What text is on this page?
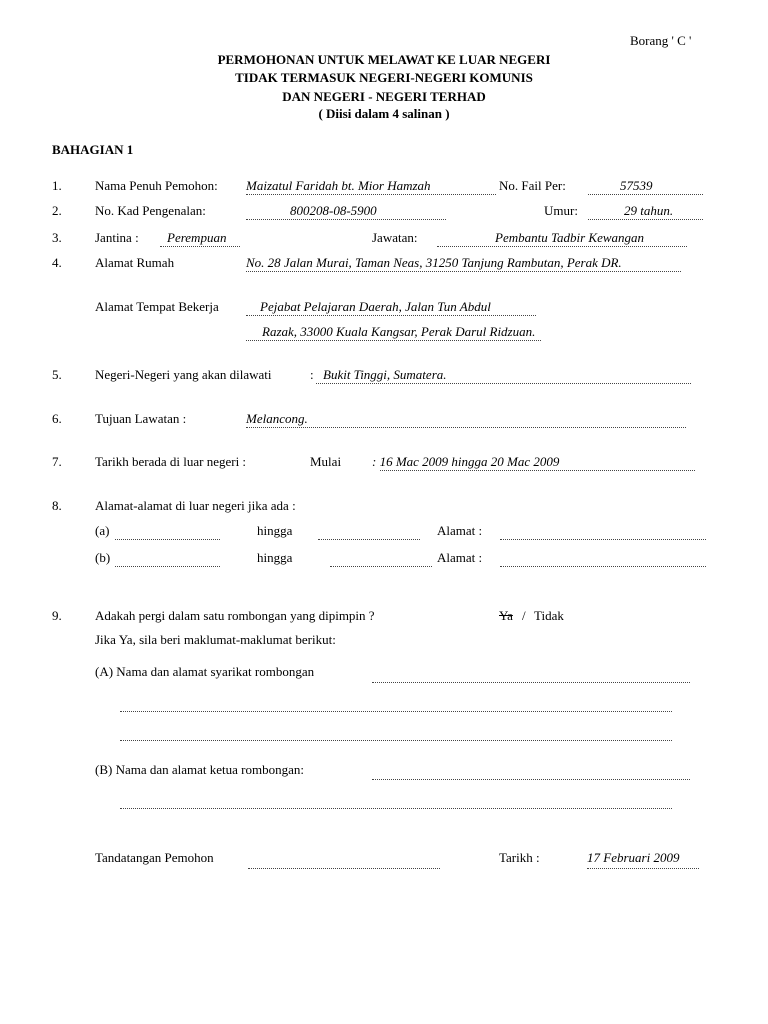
Borang ' C '
PERMOHONAN UNTUK MELAWAT KE LUAR NEGERI
TIDAK TERMASUK NEGERI-NEGERI KOMUNIS
DAN NEGERI - NEGERI TERHAD
( Diisi dalam 4 salinan )
BAHAGIAN 1
1.	Nama Penuh Pemohon: Maizatul Faridah bt. Mior Hamzah	No. Fail Per:	57539
2.	No. Kad Pengenalan:	800208-08-5900	Umur:	29 tahun.
3.	Jantina : Perempuan	Jawatan:	Pembantu Tadbir Kewangan
4.	Alamat Rumah	No. 28 Jalan Murai, Taman Neas, 31250 Tanjung Rambutan, Perak DR.
Alamat Tempat Bekerja	Pejabat Pelajaran Daerah, Jalan Tun Abdul
Razak, 33000 Kuala Kangsar, Perak Darul Ridzuan.
5.	Negeri-Negeri yang akan dilawati	: Bukit Tinggi, Sumatera.
6.	Tujuan Lawatan :	Melancong.
7.	Tarikh berada di luar negeri :	Mulai : 16 Mac 2009 hingga 20 Mac 2009
8.	Alamat-alamat di luar negeri jika ada :
(a)	hingga	Alamat :
(b)	hingga	Alamat :
9.	Adakah pergi dalam satu rombongan yang dipimpin ?	Ya / Tidak
Jika Ya, sila beri maklumat-maklumat berikut:
(A) Nama dan alamat syarikat rombongan
(B) Nama dan alamat ketua rombongan:
Tandatangan Pemohon	Tarikh :	17 Februari 2009
